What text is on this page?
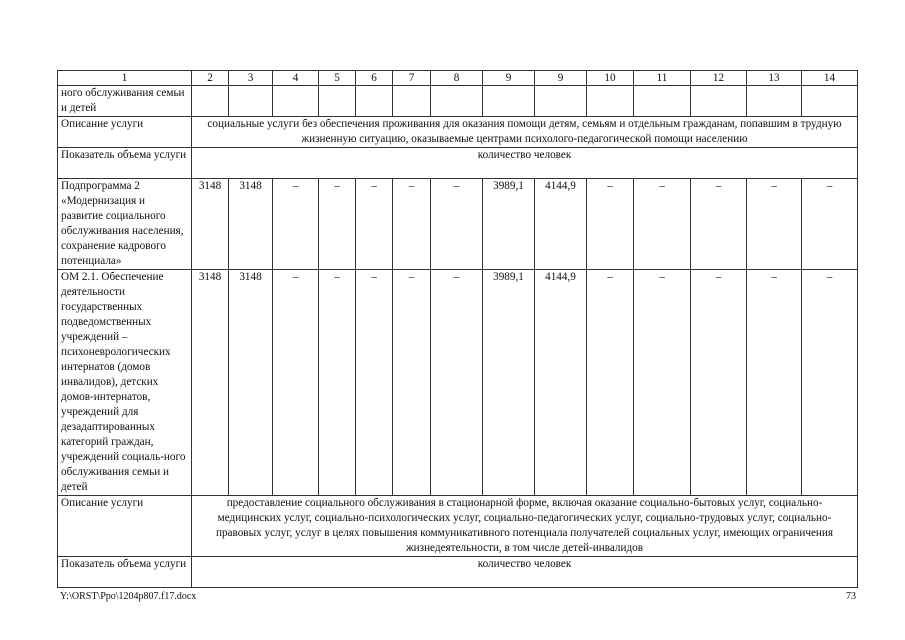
1	2	3	4	5	6	7	8	9	9	10	11	12	13	14
ного обслуживания семьи и детей														
Описание услуги	социальные услуги без обеспечения проживания для оказания помощи детям, семьям и отдельным гражданам, попавшим в трудную жизненную ситуацию, оказываемые центрами психолого-педагогической помощи населению													
Показатель объема услуги	количество человек													
Подпрограмма 2 «Модернизация и развитие социального обслуживания населения, сохранение кадрового потенциала»	3148	3148	–	–	–	–	–	3989,1	4144,9	–	–	–	–	–
ОМ 2.1. Обеспечение деятельности государственных подведомственных учреждений – психоневрологических интернатов (домов инвалидов), детских домов-интернатов, учреждений для дезадаптированных категорий граждан, учреждений социаль-ного обслуживания семьи и детей	3148	3148	–	–	–	–	–	3989,1	4144,9	–	–	–	–	–
Описание услуги	предоставление социального обслуживания в стационарной форме, включая оказание социально-бытовых услуг, социально-медицинских услуг, социально-психологических услуг, социально-педагогических услуг, социально-трудовых услуг, социально-правовых услуг, услуг в целях повышения коммуникативного потенциала получателей социальных услуг, имеющих ограничения жизнедеятельности, в том числе детей-инвалидов													
Показатель объема услуги	количество человек													
Y:\ORST\Ppo\1204p807.f17.docx	73
